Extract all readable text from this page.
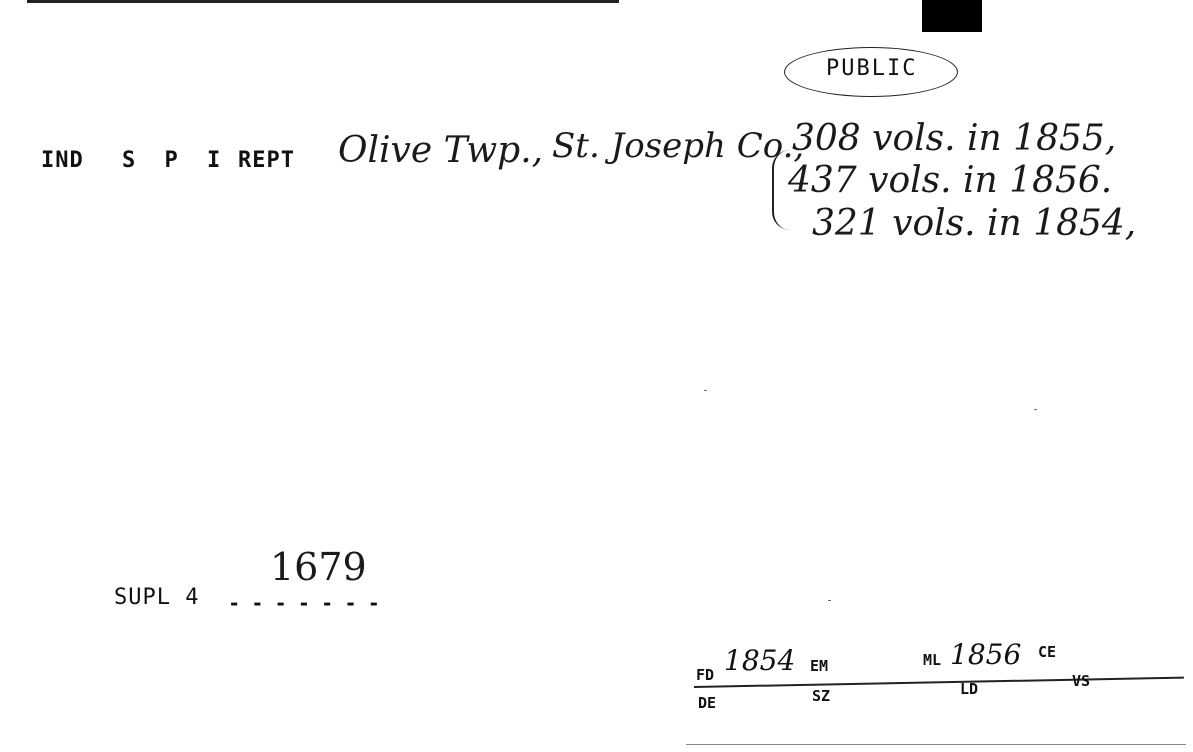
PUBLIC
IND S P I REPT Olive Twp., St. Joseph Co.,
308 vols. in 1855,
437 vols. in 1856.
321 vols. in 1854,
SUPL 4
1679
- - - - - - -
FD 1854 EM	ML 1856 CE
DE	SZ	LD	VS
